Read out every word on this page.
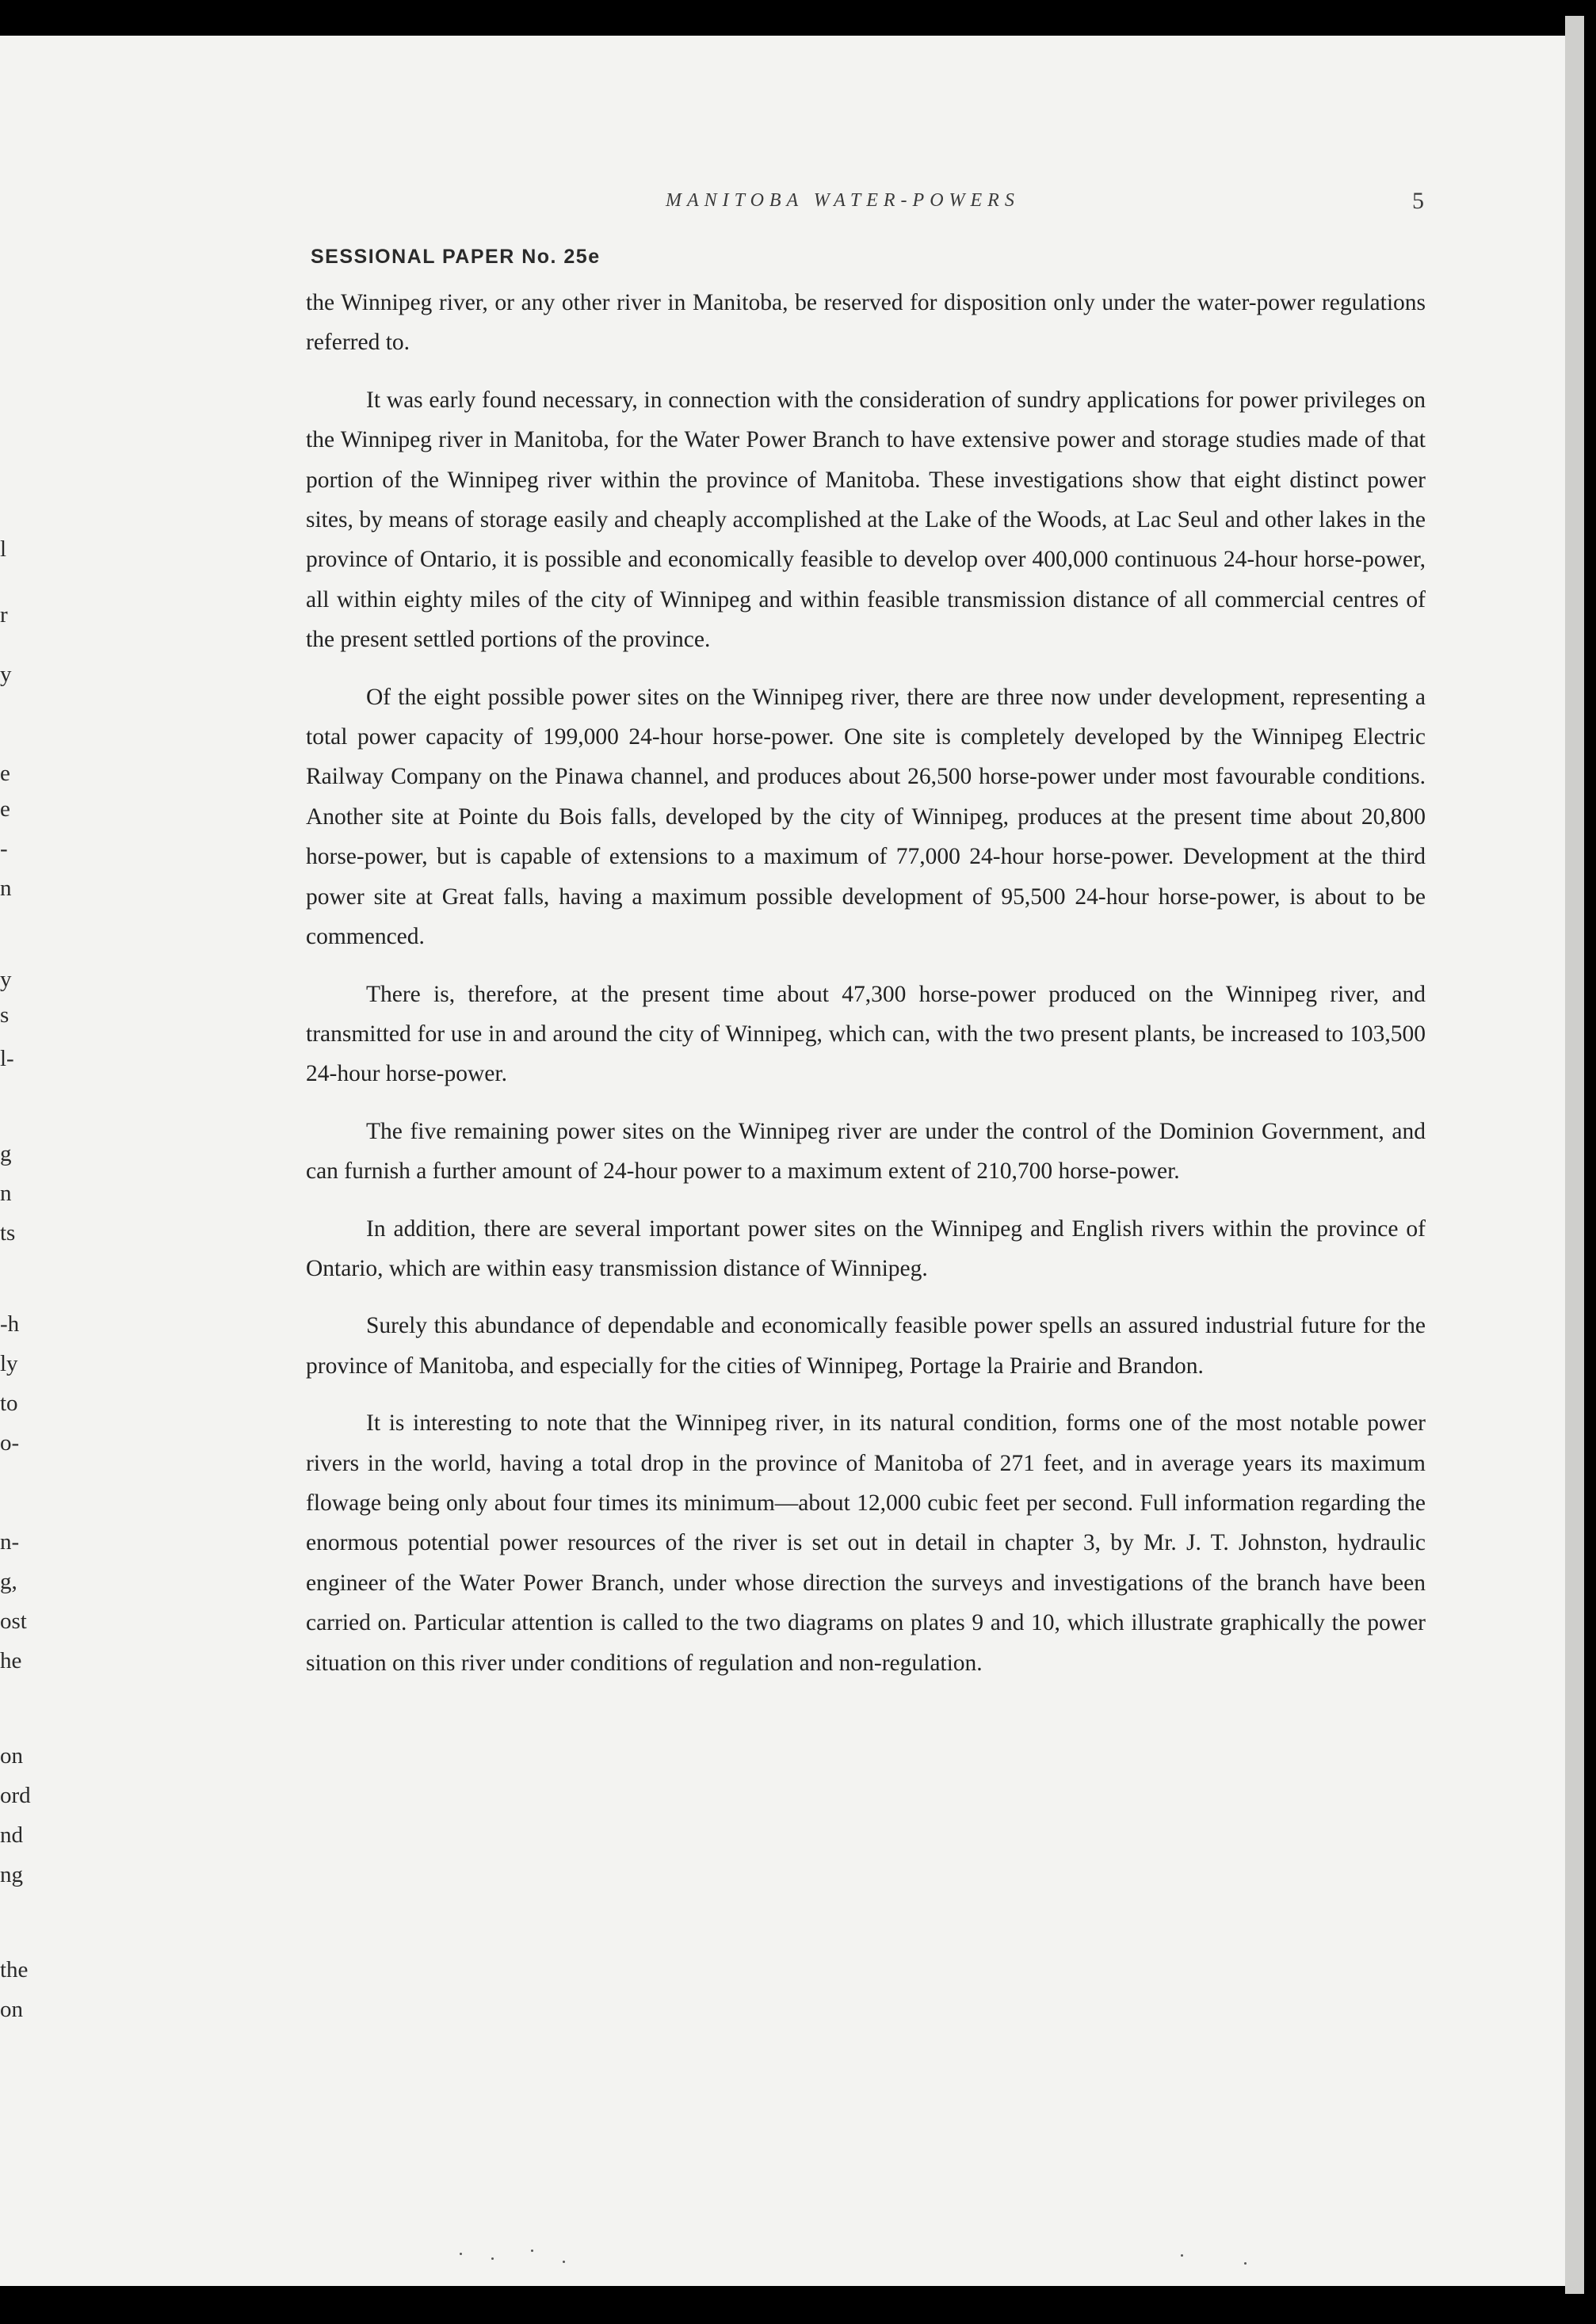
l
r
y
e
e
-
n
y
s
l-
g
n
ts
-h
ly
to
o-
n-
g,
ost
he
on
ord
nd
ng
the
on
MANITOBA WATER-POWERS	5
SESSIONAL PAPER No. 25e

the Winnipeg river, or any other river in Manitoba, be reserved for disposition only under the water-power regulations referred to.

It was early found necessary, in connection with the consideration of sundry applications for power privileges on the Winnipeg river in Manitoba, for the Water Power Branch to have extensive power and storage studies made of that portion of the Winnipeg river within the province of Manitoba. These investigations show that eight distinct power sites, by means of storage easily and cheaply accomplished at the Lake of the Woods, at Lac Seul and other lakes in the province of Ontario, it is possible and economically feasible to develop over 400,000 continuous 24-hour horse-power, all within eighty miles of the city of Winnipeg and within feasible transmission distance of all commercial centres of the present settled portions of the province.

Of the eight possible power sites on the Winnipeg river, there are three now under development, representing a total power capacity of 199,000 24-hour horse-power. One site is completely developed by the Winnipeg Electric Railway Company on the Pinawa channel, and produces about 26,500 horse-power under most favourable conditions. Another site at Pointe du Bois falls, developed by the city of Winnipeg, produces at the present time about 20,800 horse-power, but is capable of extensions to a maximum of 77,000 24-hour horse-power. Development at the third power site at Great falls, having a maximum possible development of 95,500 24-hour horse-power, is about to be commenced.

There is, therefore, at the present time about 47,300 horse-power produced on the Winnipeg river, and transmitted for use in and around the city of Winnipeg, which can, with the two present plants, be increased to 103,500 24-hour horse-power.

The five remaining power sites on the Winnipeg river are under the control of the Dominion Government, and can furnish a further amount of 24-hour power to a maximum extent of 210,700 horse-power.

In addition, there are several important power sites on the Winnipeg and English rivers within the province of Ontario, which are within easy transmission distance of Winnipeg.

Surely this abundance of dependable and economically feasible power spells an assured industrial future for the province of Manitoba, and especially for the cities of Winnipeg, Portage la Prairie and Brandon.

It is interesting to note that the Winnipeg river, in its natural condition, forms one of the most notable power rivers in the world, having a total drop in the province of Manitoba of 271 feet, and in average years its maximum flowage being only about four times its minimum—about 12,000 cubic feet per second. Full information regarding the enormous potential power resources of the river is set out in detail in chapter 3, by Mr. J. T. Johnston, hydraulic engineer of the Water Power Branch, under whose direction the surveys and investigations of the branch have been carried on. Particular attention is called to the two diagrams on plates 9 and 10, which illustrate graphically the power situation on this river under conditions of regulation and non-regulation.
